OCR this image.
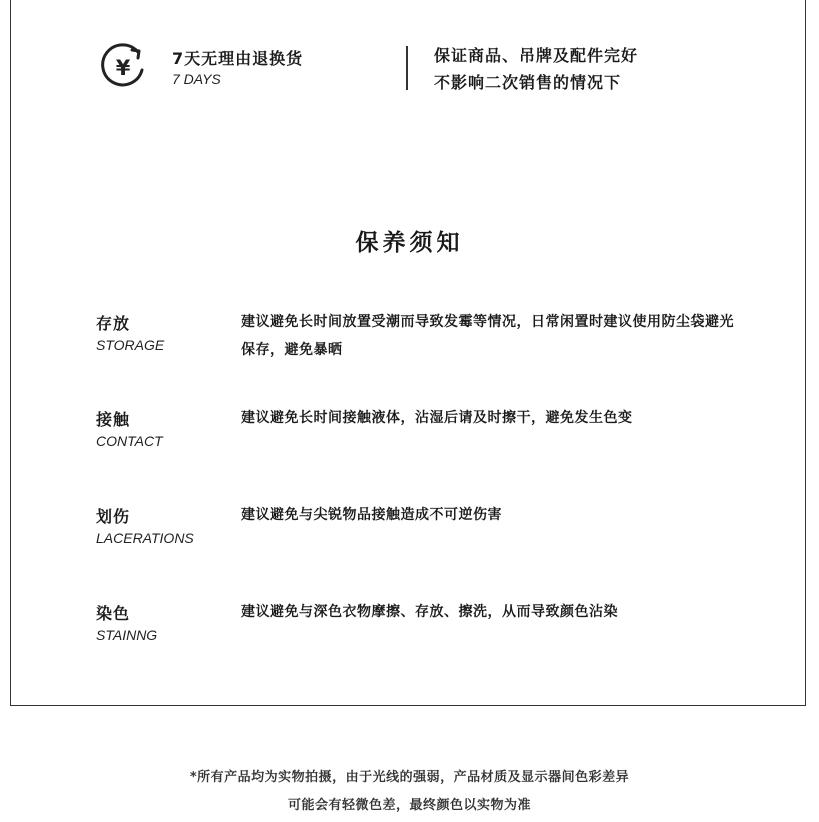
¥	7天无理由退换货
7 DAYS
保证商品、吊牌及配件完好
不影响二次销售的情况下
保养须知
存放
STORAGE
建议避免长时间放置受潮而导致发霉等情况，日常闲置时建议使用防尘袋避光保存，避免暴晒
接触
CONTACT
建议避免长时间接触液体，沾湿后请及时擦干，避免发生色变
划伤
LACERATIONS
建议避免与尖锐物品接触造成不可逆伤害
染色
STAINNG
建议避免与深色衣物摩擦、存放、擦洗，从而导致颜色沾染
*所有产品均为实物拍摄，由于光线的强弱，产品材质及显示器间色彩差异
可能会有轻微色差，最终颜色以实物为准
